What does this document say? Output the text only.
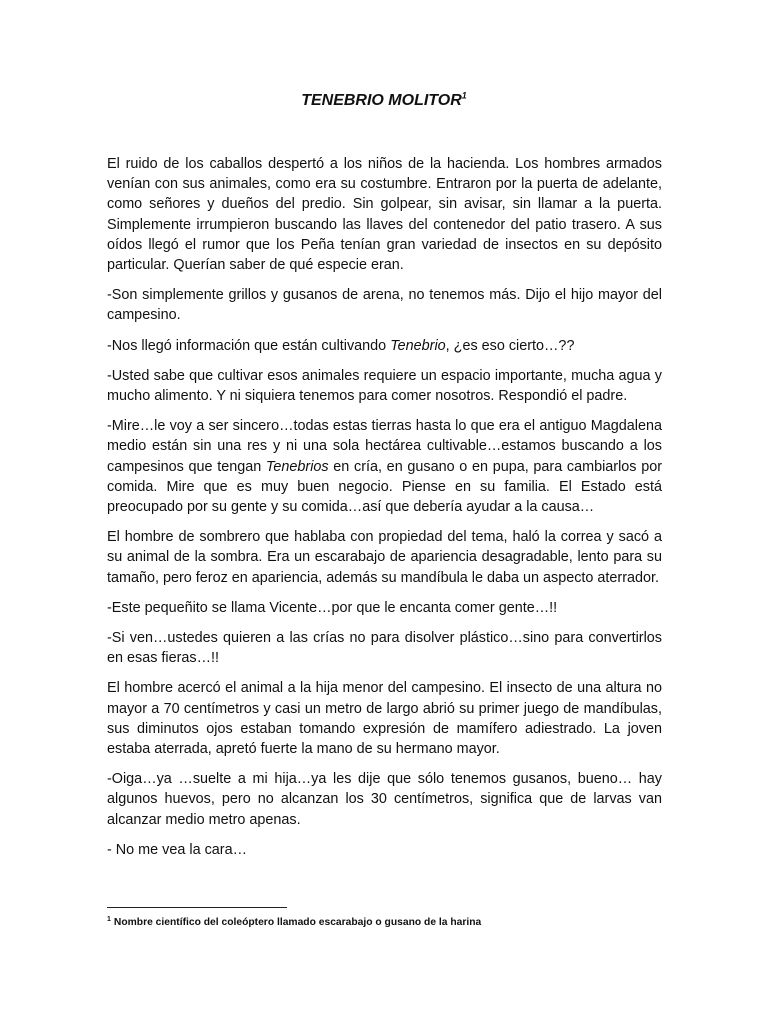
TENEBRIO MOLITOR$^1$

El ruido de los caballos despertó a los niños de la hacienda. Los hombres armados venían con sus animales, como era su costumbre. Entraron por la puerta de adelante, como señores y dueños del predio. Sin golpear, sin avisar, sin llamar a la puerta. Simplemente irrumpieron buscando las llaves del contenedor del patio trasero. A sus oídos llegó el rumor que los Peña tenían gran variedad de insectos en su depósito particular. Querían saber de qué especie eran.

-Son simplemente grillos y gusanos de arena, no tenemos más. Dijo el hijo mayor del campesino.

-Nos llegó información que están cultivando Tenebrio, ¿es eso cierto…??

-Usted sabe que cultivar esos animales requiere un espacio importante, mucha agua y mucho alimento. Y ni siquiera tenemos para comer nosotros. Respondió el padre.

-Mire…le voy a ser sincero…todas estas tierras hasta lo que era el antiguo Magdalena medio están sin una res y ni una sola hectárea cultivable…estamos buscando a los campesinos que tengan Tenebrios en cría, en gusano o en pupa, para cambiarlos por comida. Mire que es muy buen negocio. Piense en su familia. El Estado está preocupado por su gente y su comida…así que debería ayudar a la causa…

El hombre de sombrero que hablaba con propiedad del tema, haló la correa y sacó a su animal de la sombra. Era un escarabajo de apariencia desagradable, lento para su tamaño, pero feroz en apariencia, además su mandíbula le daba un aspecto aterrador.

-Este pequeñito se llama Vicente…por que le encanta comer gente…!!

-Si ven…ustedes quieren a las crías no para disolver plástico…sino para convertirlos en esas fieras…!!

El hombre acercó el animal a la hija menor del campesino. El insecto de una altura no mayor a 70 centímetros y casi un metro de largo abrió su primer juego de mandíbulas, sus diminutos ojos estaban tomando expresión de mamífero adiestrado. La joven estaba aterrada, apretó fuerte la mano de su hermano mayor.

-Oiga…ya …suelte a mi hija…ya les dije que sólo tenemos gusanos, bueno… hay algunos huevos, pero no alcanzan los 30 centímetros, significa que de larvas van alcanzar medio metro apenas.

- No me vea la cara…

$^1$ Nombre científico del coleóptero llamado escarabajo o gusano de la harina
